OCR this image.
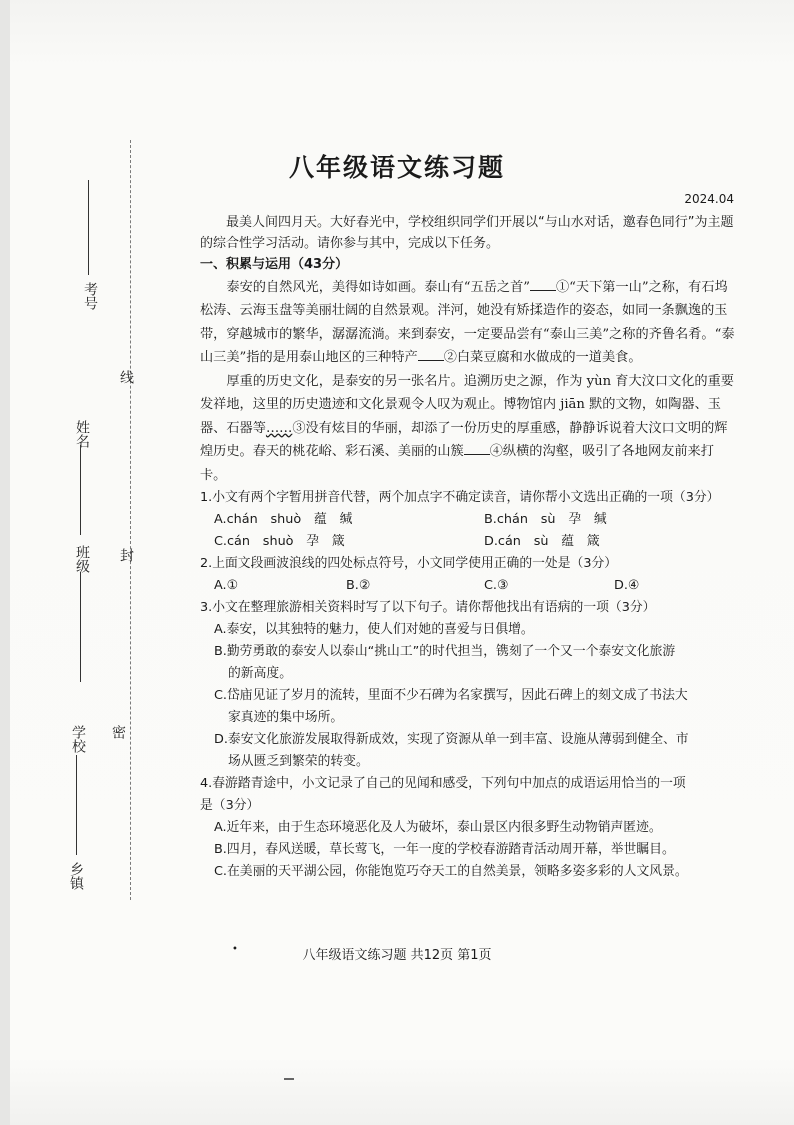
考号
线
姓名
班级 封
学校 密
乡镇
八年级语文练习题
2024.04

最美人间四月天。大好春光中，学校组织同学们开展以“与山水对话，邀春色同行”为主题的综合性学习活动。请你参与其中，完成以下任务。

一、积累与运用（43分）

泰安的自然风光，美得如诗如画。泰山有“五岳之首” ①“天下第一山”之称，有石坞松涛、云海玉盘等美丽壮阔的自然景观。泮河，她没有矫揉造作的姿态，如同一条飘逸的玉带，穿越城市的繁华，潺潺流淌。来到泰安，一定要品尝有“泰山三美”之称的齐鲁名肴。“泰山三美”指的是用泰山地区的三种特产 ②白菜豆腐和水做成的一道美食。

厚重的历史文化，是泰安的另一张名片。追溯历史之源，作为 yùn 育大汶口文化的重要发祥地，这里的历史遗迹和文化景观令人叹为观止。博物馆内 jiān 默的文物，如陶器、玉器、石器等……③没有炫目的华丽，却添了一份历史的厚重感，静静诉说着大汶口文明的辉煌历史。春天的桃花峪、彩石溪、美丽的山簇 ④纵横的沟壑，吸引了各地网友前来打卡。

1.小文有两个字暂用拼音代替，两个加点字不确定读音，请你帮小文选出正确的一项（3分）

A.chán　shuò　蕴　缄	B.chán　sù　孕　缄
C.cán　shuò　孕　箴	D.cán　sù　蕴　箴

2.上面文段画波浪线的四处标点符号，小文同学使用正确的一处是（3分）

A.①	B.②	C.③	D.④

3.小文在整理旅游相关资料时写了以下句子。请你帮他找出有语病的一项（3分）

A.泰安，以其独特的魅力，使人们对她的喜爱与日俱增。

B.勤劳勇敢的泰安人以泰山“挑山工”的时代担当，镌刻了一个又一个泰安文化旅游

的新高度。

C.岱庙见证了岁月的流转，里面不少石碑为名家撰写，因此石碑上的刻文成了书法大

家真迹的集中场所。

D.泰安文化旅游发展取得新成效，实现了资源从单一到丰富、设施从薄弱到健全、市

场从匮乏到繁荣的转变。

4.春游踏青途中，小文记录了自己的见闻和感受，下列句中加点的成语运用恰当的一项

是（3分）

A.近年来，由于生态环境恶化及人为破坏，泰山景区内很多野生动物销声匿迹。

B.四月，春风送暖，草长莺飞，一年一度的学校春游踏青活动周开幕，举世瞩目。

C.在美丽的天平湖公园，你能饱览巧夺天工的自然美景，领略多姿多彩的人文风景。

•	八年级语文练习题 共12页 第1页
